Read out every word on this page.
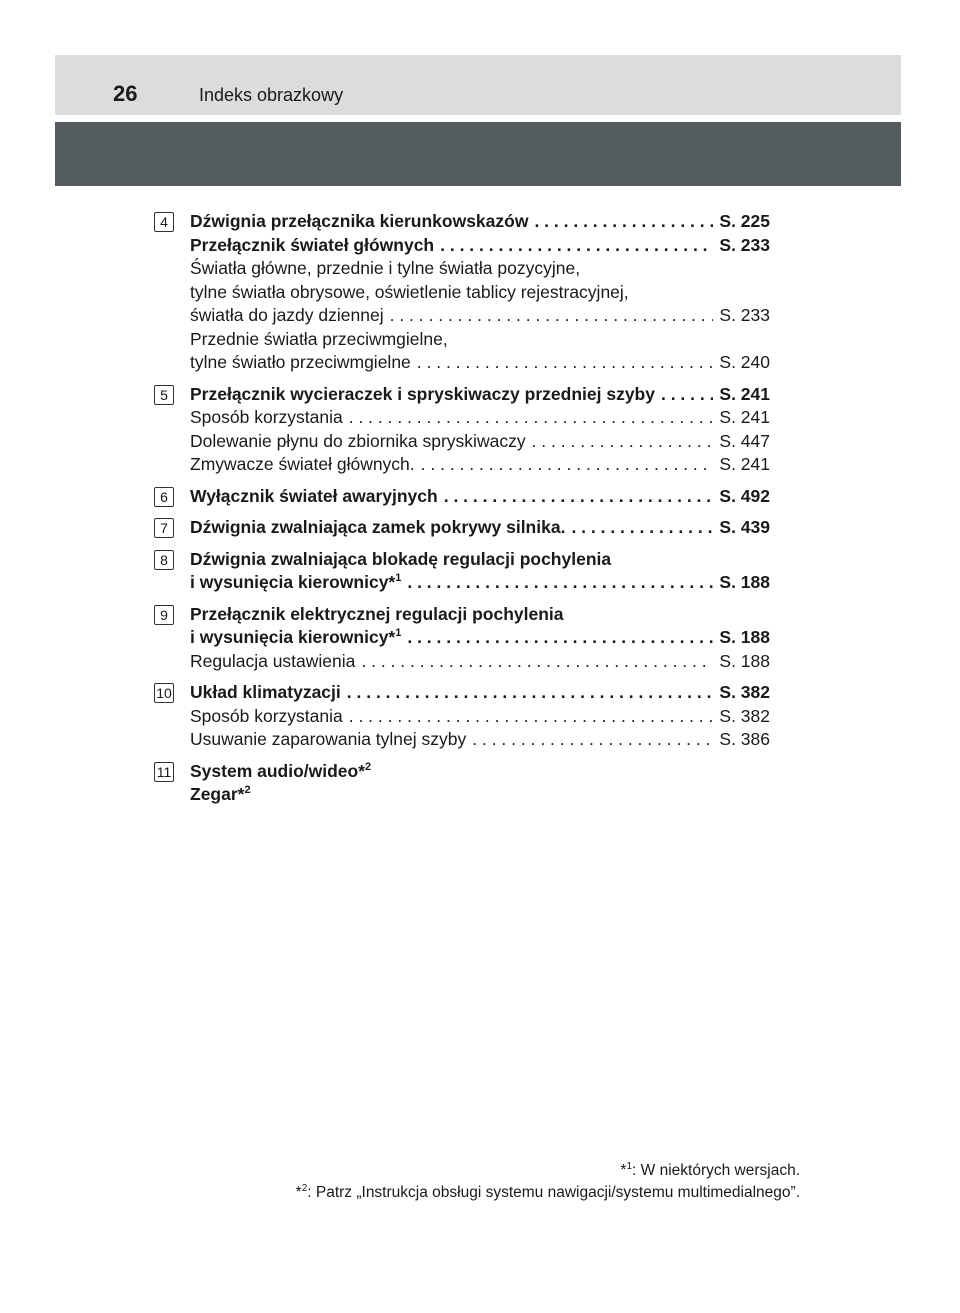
26	Indeks obrazkowy
4	Dźwignia przełącznika kierunkowskazów . . .	S. 225
Przełącznik świateł głównych . . .	S. 233
Światła główne, przednie i tylne światła pozycyjne,
tylne światła obrysowe, oświetlenie tablicy rejestracyjnej,
światła do jazdy dziennej . . .	S. 233
Przednie światła przeciwmgielne,
tylne światło przeciwmgielne . . .	S. 240
5	Przełącznik wycieraczek i spryskiwaczy przedniej szyby . . .	S. 241
Sposób korzystania . . .	S. 241
Dolewanie płynu do zbiornika spryskiwaczy . . .	S. 447
Zmywacze świateł głównych. . . .	S. 241
6	Wyłącznik świateł awaryjnych . . .	S. 492
7	Dźwignia zwalniająca zamek pokrywy silnika. . . .	S. 439
8	Dźwignia zwalniająca blokadę regulacji pochylenia
i wysunięcia kierownicy*$^1$ . . .	S. 188
9	Przełącznik elektrycznej regulacji pochylenia
i wysunięcia kierownicy*$^1$ . . .	S. 188
Regulacja ustawienia . . .	S. 188
10 Układ klimatyzacji . . .	S. 382
Sposób korzystania . . .	S. 382
Usuwanie zaparowania tylnej szyby . . .	S. 386
11 System audio/wideo*$^2$
Zegar*$^2$
*$^1$: W niektórych wersjach.
*$^2$: Patrz „Instrukcja obsługi systemu nawigacji/systemu multimedialnego”.
